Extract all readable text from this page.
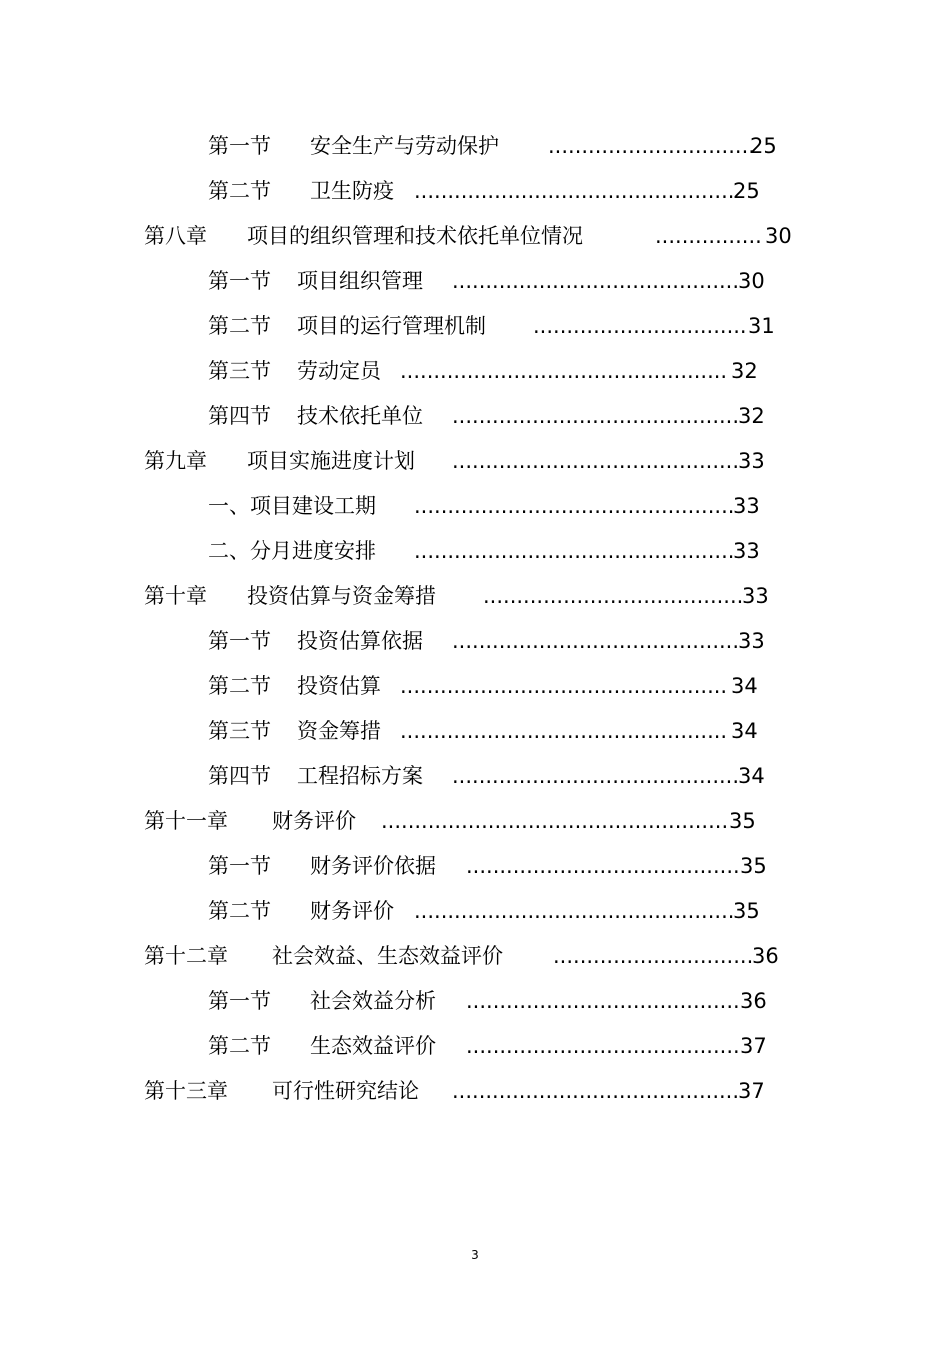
第一节 安全生产与劳动保护 ...............................
25
第二节 卫生防疫 ................................................
25
第八章 项目的组织管理和技术依托单位情况	................ 30
第一节 项目组织管理 ...........................................
30
第二节 项目的运行管理机制 ................................ 31
第三节 劳动定员 ................................................. 32
第四节 技术依托单位 ...........................................
32
第九章 项目实施进度计划 ...........................................
33
一、项目建设工期 ................................................
33
二、分月进度安排 ................................................
33
第十章 投资估算与资金筹措 .......................................
33
第一节 投资估算依据 ...........................................
33
第二节 投资估算 ................................................. 34
第三节 资金筹措 ................................................. 34
第四节 工程招标方案 ...........................................
34
第十一章 财务评价 .................................................... 35
第一节 财务评价依据 ......................................... 35
第二节 财务评价 ................................................
35
第十二章 社会效益、生态效益评价 ..............................
36
第一节 社会效益分析 ......................................... 36
第二节 生态效益评价 ......................................... 37
第十三章 可行性研究结论 ...........................................
37
3
